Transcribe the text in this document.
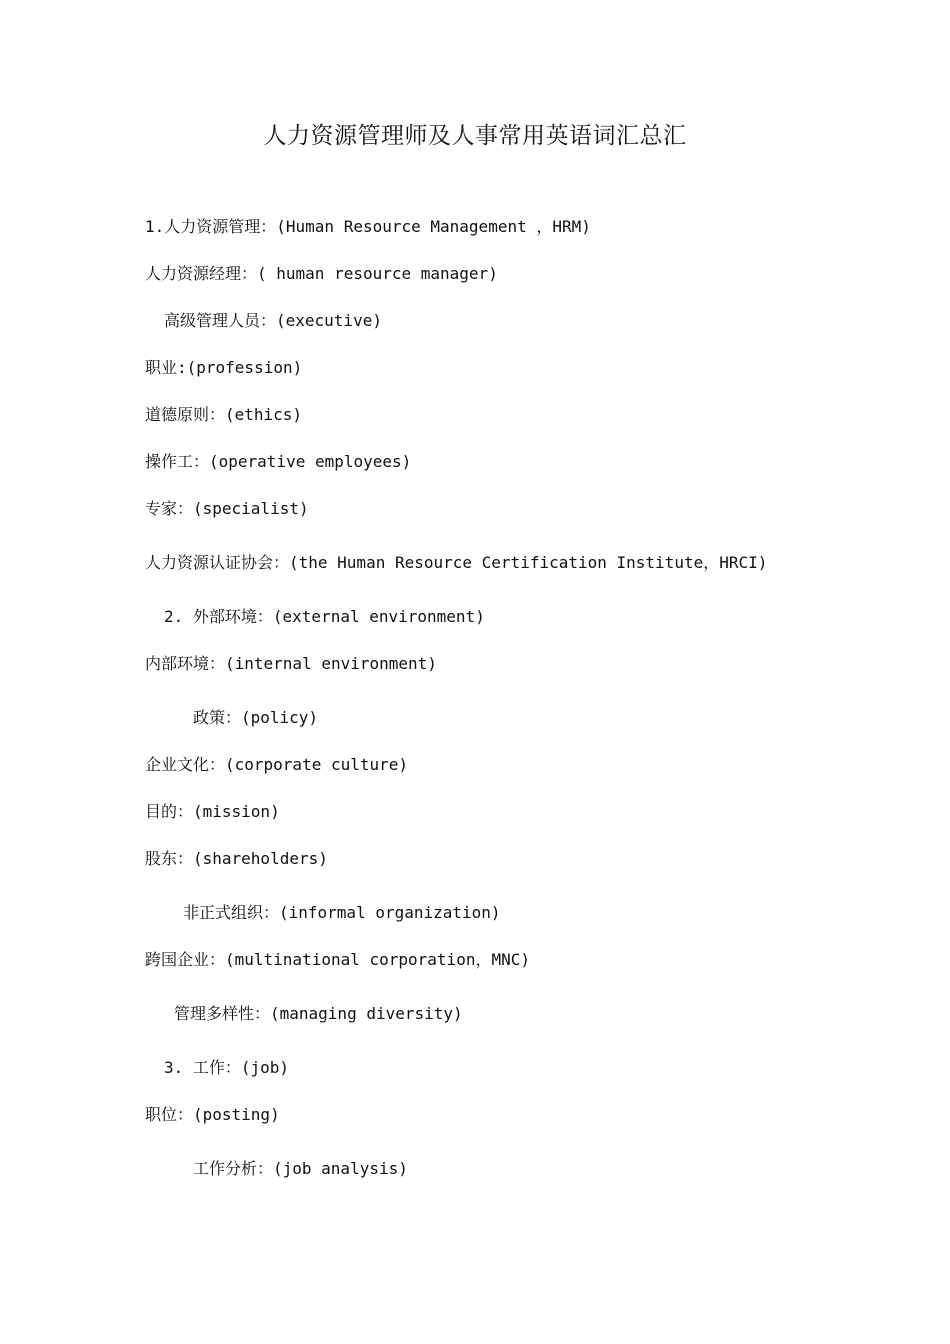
人力资源管理师及人事常用英语词汇总汇
1.人力资源管理：(Human Resource Management ，HRM)
人力资源经理：( human resource manager)
高级管理人员：(executive)
职业:(profession)
道德原则：(ethics)
操作工：(operative employees)
专家：(specialist)
人力资源认证协会：(the Human Resource Certification Institute，HRCI)
2. 外部环境：(external environment)
内部环境：(internal environment)
政策：(policy)
企业文化：(corporate culture)
目的：(mission)
股东：(shareholders)
非正式组织：(informal organization)
跨国企业：(multinational corporation，MNC)
管理多样性：(managing diversity)
3. 工作：(job)
职位：(posting)
工作分析：(job analysis)
